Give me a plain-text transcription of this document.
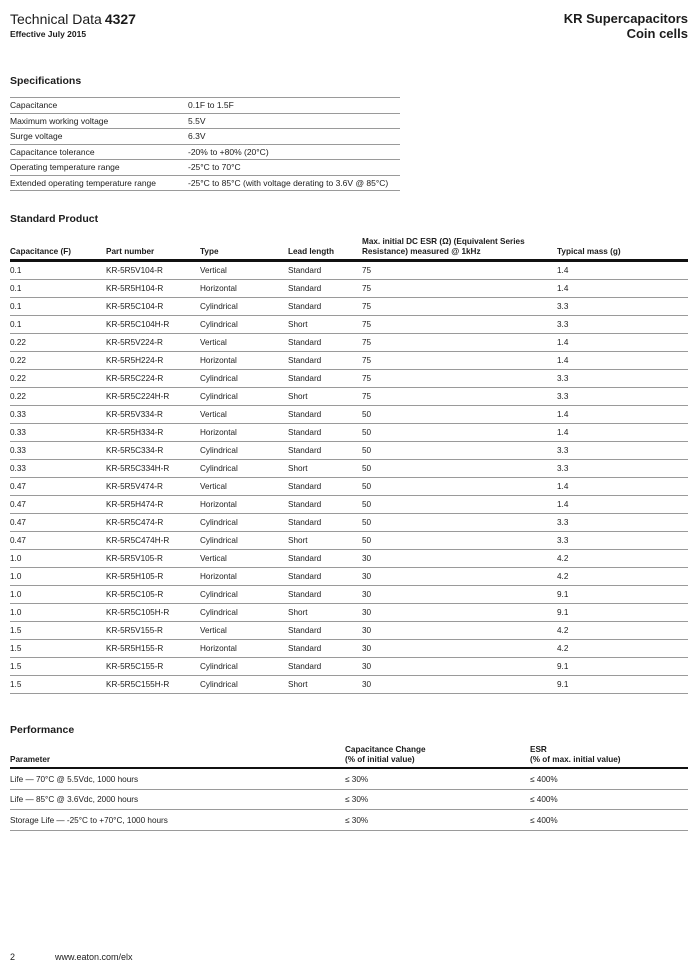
Technical Data 4327
Effective July 2015
KR Supercapacitors
Coin cells
Specifications
Capacitance	0.1F to 1.5F
Maximum working voltage	5.5V
Surge voltage	6.3V
Capacitance tolerance	-20% to +80% (20°C)
Operating temperature range	-25°C to 70°C
Extended operating temperature range	-25°C to 85°C (with voltage derating to 3.6V @ 85°C)
Standard Product
Capacitance (F)	Part number	Type	Lead length	Max. initial DC ESR (Ω) (Equivalent Series Resistance) measured @ 1kHz	Typical mass (g)
0.1	KR-5R5V104-R	Vertical	Standard	75	1.4
0.1	KR-5R5H104-R	Horizontal	Standard	75	1.4
0.1	KR-5R5C104-R	Cylindrical	Standard	75	3.3
0.1	KR-5R5C104H-R	Cylindrical	Short	75	3.3
0.22	KR-5R5V224-R	Vertical	Standard	75	1.4
0.22	KR-5R5H224-R	Horizontal	Standard	75	1.4
0.22	KR-5R5C224-R	Cylindrical	Standard	75	3.3
0.22	KR-5R5C224H-R	Cylindrical	Short	75	3.3
0.33	KR-5R5V334-R	Vertical	Standard	50	1.4
0.33	KR-5R5H334-R	Horizontal	Standard	50	1.4
0.33	KR-5R5C334-R	Cylindrical	Standard	50	3.3
0.33	KR-5R5C334H-R	Cylindrical	Short	50	3.3
0.47	KR-5R5V474-R	Vertical	Standard	50	1.4
0.47	KR-5R5H474-R	Horizontal	Standard	50	1.4
0.47	KR-5R5C474-R	Cylindrical	Standard	50	3.3
0.47	KR-5R5C474H-R	Cylindrical	Short	50	3.3
1.0	KR-5R5V105-R	Vertical	Standard	30	4.2
1.0	KR-5R5H105-R	Horizontal	Standard	30	4.2
1.0	KR-5R5C105-R	Cylindrical	Standard	30	9.1
1.0	KR-5R5C105H-R	Cylindrical	Short	30	9.1
1.5	KR-5R5V155-R	Vertical	Standard	30	4.2
1.5	KR-5R5H155-R	Horizontal	Standard	30	4.2
1.5	KR-5R5C155-R	Cylindrical	Standard	30	9.1
1.5	KR-5R5C155H-R	Cylindrical	Short	30	9.1
Performance
Parameter

Capacitance Change
(% of initial value)

ESR
(% of max. initial value)

Life — 70°C @ 5.5Vdc, 1000 hours	≤ 30%	≤ 400%
Life — 85°C @ 3.6Vdc, 2000 hours	≤ 30%	≤ 400%
Storage Life — -25°C to +70°C, 1000 hours	≤ 30%	≤ 400%
2	www.eaton.com/elx
